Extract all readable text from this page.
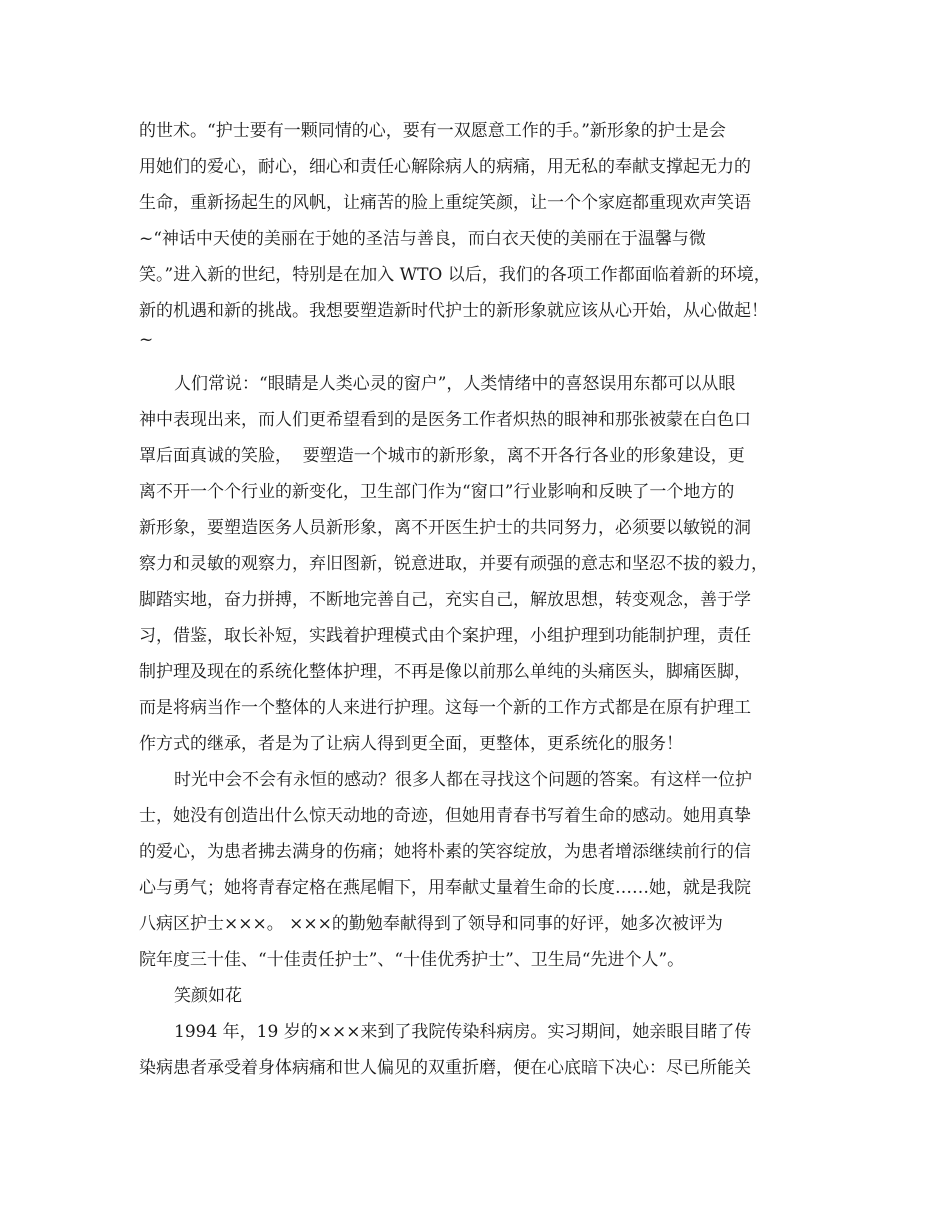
的世术。“护士要有一颗同情的心，要有一双愿意工作的手。”新形象的护士是会

用她们的爱心，耐心，细心和责任心解除病人的病痛，用无私的奉献支撑起无力的

生命，重新扬起生的风帆，让痛苦的脸上重绽笑颜，让一个个家庭都重现欢声笑语

~“神话中天使的美丽在于她的圣洁与善良，而白衣天使的美丽在于温馨与微

笑。”进入新的世纪，特别是在加入 WTO 以后，我们的各项工作都面临着新的环境，

新的机遇和新的挑战。我想要塑造新时代护士的新形象就应该从心开始，从心做起！

~

人们常说：“眼睛是人类心灵的窗户”，人类情绪中的喜怒误用东都可以从眼

神中表现出来，而人们更希望看到的是医务工作者炽热的眼神和那张被蒙在白色口

罩后面真诚的笑脸，  要塑造一个城市的新形象，离不开各行各业的形象建设，更

离不开一个个行业的新变化，卫生部门作为“窗口”行业影响和反映了一个地方的

新形象，要塑造医务人员新形象，离不开医生护士的共同努力，必须要以敏锐的洞

察力和灵敏的观察力，弃旧图新，锐意进取，并要有顽强的意志和坚忍不拔的毅力，

脚踏实地，奋力拼搏，不断地完善自己，充实自己，解放思想，转变观念，善于学

习，借鉴，取长补短，实践着护理模式由个案护理，小组护理到功能制护理，责任

制护理及现在的系统化整体护理，不再是像以前那么单纯的头痛医头，脚痛医脚，

而是将病当作一个整体的人来进行护理。这每一个新的工作方式都是在原有护理工

作方式的继承，者是为了让病人得到更全面，更整体，更系统化的服务！

时光中会不会有永恒的感动？很多人都在寻找这个问题的答案。有这样一位护

士，她没有创造出什么惊天动地的奇迹，但她用青春书写着生命的感动。她用真挚

的爱心，为患者拂去满身的伤痛；她将朴素的笑容绽放，为患者增添继续前行的信

心与勇气；她将青春定格在燕尾帽下，用奉献丈量着生命的长度……她，就是我院

八病区护士×××。 ×××的勤勉奉献得到了领导和同事的好评，她多次被评为

院年度三十佳、“十佳责任护士”、“十佳优秀护士”、卫生局“先进个人”。

笑颜如花

1994 年，19 岁的×××来到了我院传染科病房。实习期间，她亲眼目睹了传

染病患者承受着身体病痛和世人偏见的双重折磨，便在心底暗下决心：尽已所能关
